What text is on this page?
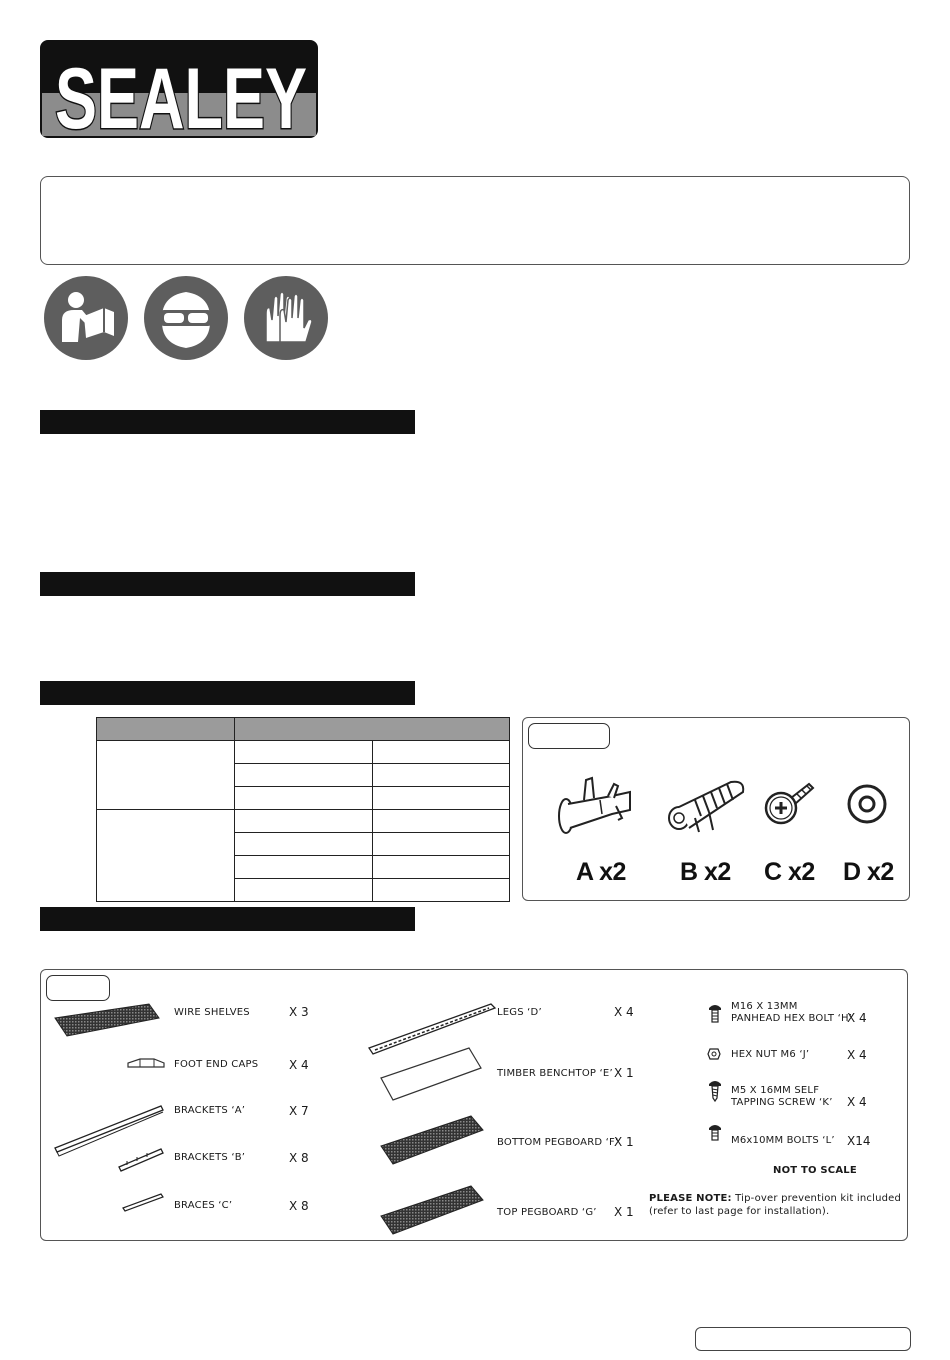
SEALEY

A x2 B x2 C x2 D x2
WIRE SHELVES	X 3
FOOT END CAPS	X 4
BRACKETS ‘A’	X 7
BRACKETS ‘B’	X 8
BRACES ‘C’	X 8
LEGS ‘D’	X 4
TIMBER BENCHTOP ‘E’ X 1
BOTTOM PEGBOARD ‘F’
X 1
TOP PEGBOARD ‘G’ X 1
M16 X 13MM
PANHEAD HEX BOLT ‘H’
X 4
HEX NUT M6 ‘J’	X 4
M5 X 16MM SELF
TAPPING SCREW ‘K’ X 4
M6x10MM BOLTS ‘L’ X14
NOT TO SCALE
PLEASE NOTE: Tip-over prevention kit included
(refer to last page for installation).
